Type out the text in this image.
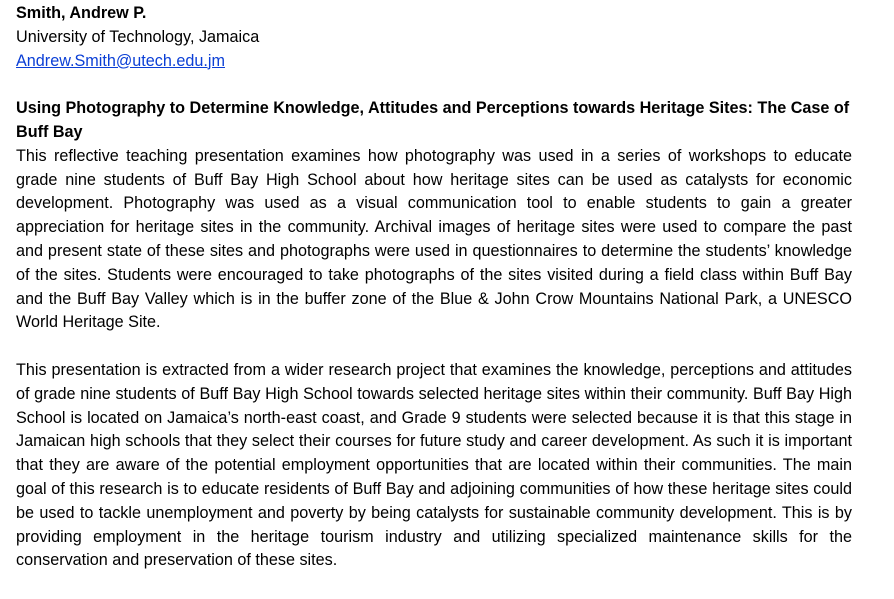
Smith, Andrew P.
University of Technology, Jamaica
Andrew.Smith@utech.edu.jm
Using Photography to Determine Knowledge, Attitudes and Perceptions towards Heritage Sites: The Case of Buff Bay

This reflective teaching presentation examines how photography was used in a series of workshops to educate grade nine students of Buff Bay High School about how heritage sites can be used as catalysts for economic development. Photography was used as a visual communication tool to enable students to gain a greater appreciation for heritage sites in the community. Archival images of heritage sites were used to compare the past and present state of these sites and photographs were used in questionnaires to determine the students’ knowledge of the sites. Students were encouraged to take photographs of the sites visited during a field class within Buff Bay and the Buff Bay Valley which is in the buffer zone of the Blue & John Crow Mountains National Park, a UNESCO World Heritage Site.

This presentation is extracted from a wider research project that examines the knowledge, perceptions and attitudes of grade nine students of Buff Bay High School towards selected heritage sites within their community. Buff Bay High School is located on Jamaica’s north-east coast, and Grade 9 students were selected because it is that this stage in Jamaican high schools that they select their courses for future study and career development. As such it is important that they are aware of the potential employment opportunities that are located within their communities. The main goal of this research is to educate residents of Buff Bay and adjoining communities of how these heritage sites could be used to tackle unemployment and poverty by being catalysts for sustainable community development. This is by providing employment in the heritage tourism industry and utilizing specialized maintenance skills for the conservation and preservation of these sites.
